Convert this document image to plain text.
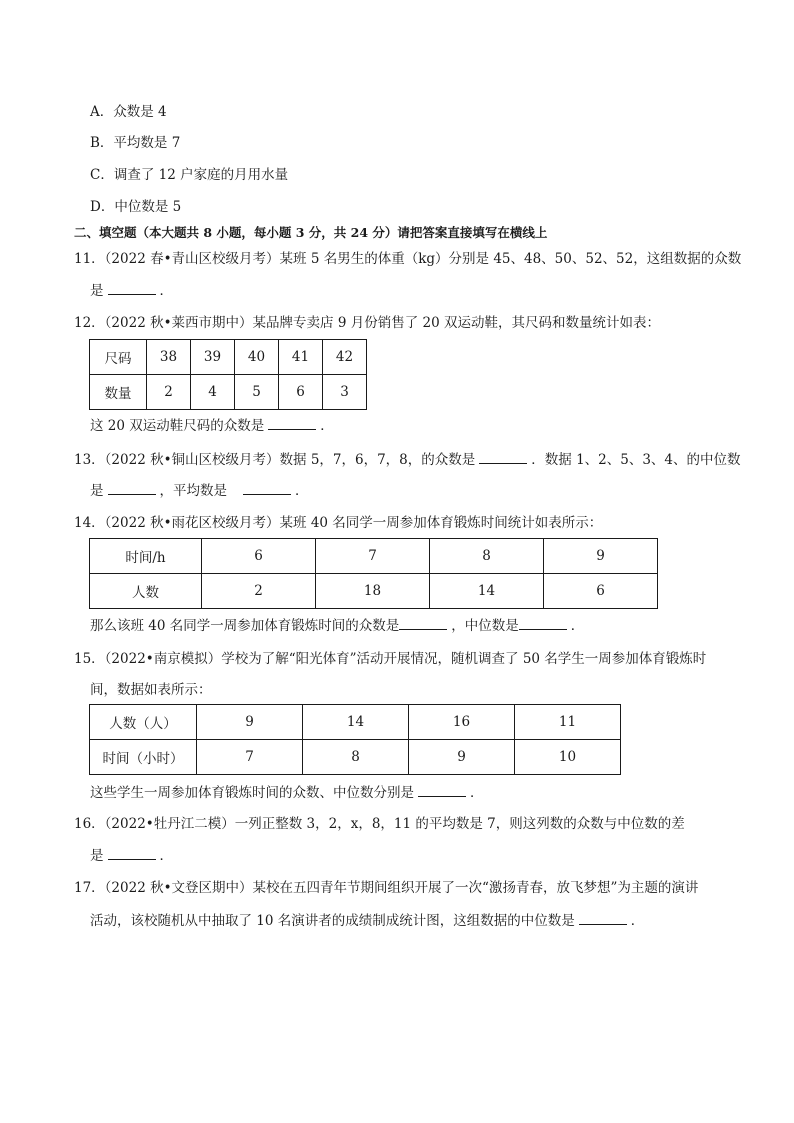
A．众数是 4
B．平均数是 7
C．调查了 12 户家庭的月用水量
D．中位数是 5
二、填空题（本大题共 8 小题，每小题 3 分，共 24 分）请把答案直接填写在横线上
11．（2022 春•青山区校级月考）某班 5 名男生的体重（kg）分别是 45、48、50、52、52，这组数据的众数
是	．
12．（2022 秋•莱西市期中）某品牌专卖店 9 月份销售了 20 双运动鞋，其尺码和数量统计如表：
尺码	38	39	40	41	42
数量	2	4	5	6	3
这 20 双运动鞋尺码的众数是	．
13．（2022 秋•铜山区校级月考）数据 5，7，6，7，8，的众数是	．数据 1、2、5、3、4、的中位数
是	，平均数是	．
14．（2022 秋•雨花区校级月考）某班 40 名同学一周参加体育锻炼时间统计如表所示：
时间/h	6	7	8	9
人数	2	18	14	6
那么该班 40 名同学一周参加体育锻炼时间的众数是	，中位数是	．
15．（2022•南京模拟）学校为了解“阳光体育”活动开展情况，随机调查了 50 名学生一周参加体育锻炼时
间，数据如表所示：
人数（人）	9	14	16	11
时间（小时）	7	8	9	10
这些学生一周参加体育锻炼时间的众数、中位数分别是	．
16．（2022•牡丹江二模）一列正整数 3，2，x，8，11 的平均数是 7，则这列数的众数与中位数的差
是	．
17．（2022 秋•文登区期中）某校在五四青年节期间组织开展了一次“激扬青春，放飞梦想”为主题的演讲
活动，该校随机从中抽取了 10 名演讲者的成绩制成统计图，这组数据的中位数是	．
